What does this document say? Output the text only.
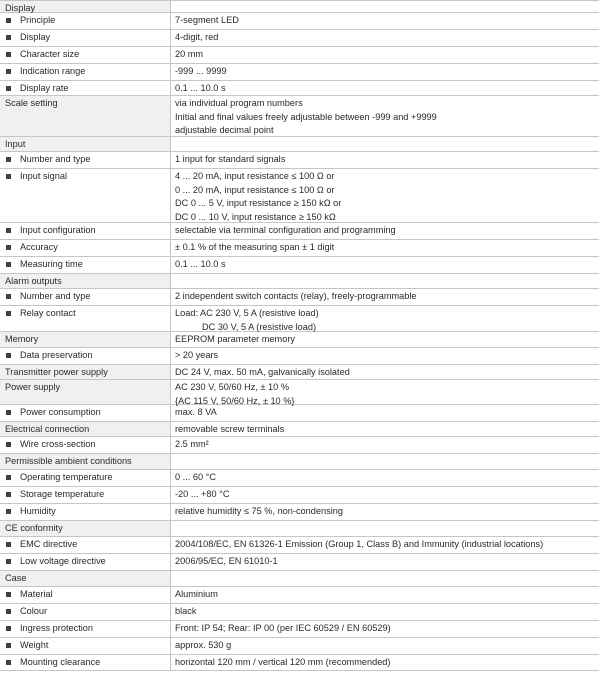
Display
Principle	7-segment LED
Display	4-digit, red
Character size	20 mm
Indication range	-999 ... 9999
Display rate	0.1 ... 10.0 s
Scale setting	via individual program numbers
Initial and final values freely adjustable between -999 and +9999
adjustable decimal point
Input
Number and type	1 input for standard signals
Input signal	4 ... 20 mA, input resistance ≤ 100 Ω or
0 ... 20 mA, input resistance ≤ 100 Ω or
DC 0 ... 5 V, input resistance ≥ 150 kΩ or
DC 0 ... 10 V, input resistance ≥ 150 kΩ
Input configuration	selectable via terminal configuration and programming
Accuracy	± 0.1 % of the measuring span ± 1 digit
Measuring time	0.1 ... 10.0 s
Alarm outputs
Number and type	2 independent switch contacts (relay), freely-programmable
Relay contact	Load: AC 230 V, 5 A (resistive load)
DC 30 V, 5 A (resistive load)
Memory	EEPROM parameter memory
Data preservation	> 20 years
Transmitter power supply	DC 24 V, max. 50 mA, galvanically isolated
Power supply	AC 230 V, 50/60 Hz, ± 10 %
{AC 115 V, 50/60 Hz, ± 10 %}
Power consumption	max. 8 VA
Electrical connection	removable screw terminals
Wire cross-section	2.5 mm²
Permissible ambient conditions
Operating temperature	0 ... 60 °C
Storage temperature	-20 ... +80 °C
Humidity	relative humidity ≤ 75 %, non-condensing
CE conformity
EMC directive	2004/108/EC, EN 61326-1 Emission (Group 1, Class B) and Immunity (industrial locations)
Low voltage directive	2006/95/EC, EN 61010-1
Case
Material	Aluminium
Colour	black
Ingress protection	Front: IP 54; Rear: IP 00 (per IEC 60529 / EN 60529)
Weight	approx. 530 g
Mounting clearance	horizontal 120 mm / vertical 120 mm (recommended)
